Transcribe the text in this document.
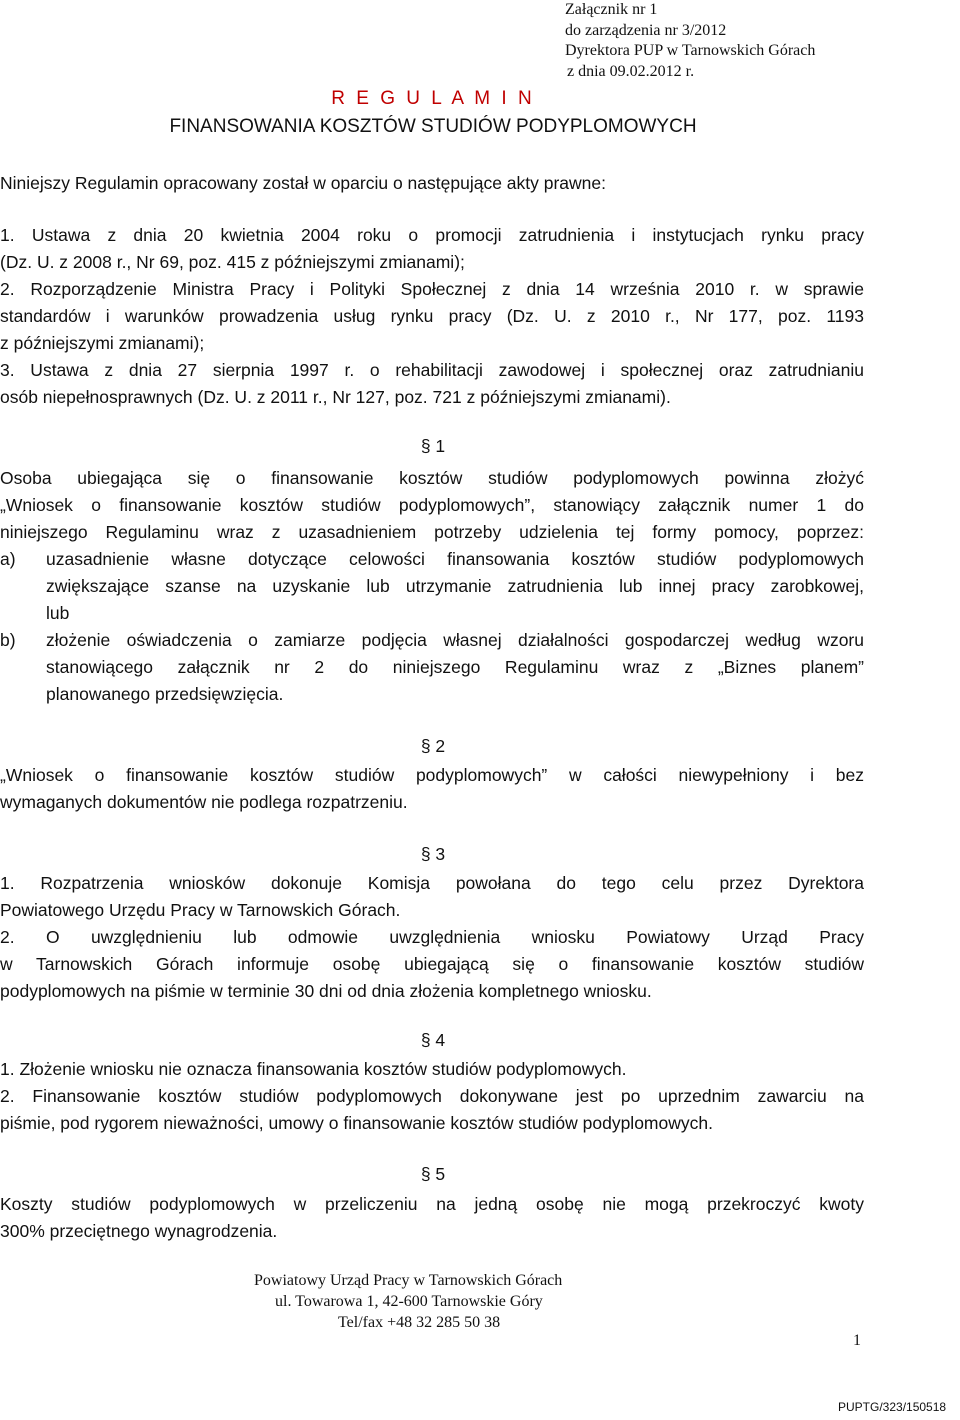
Załącznik nr 1
do zarządzenia nr 3/2012
Dyrektora PUP w Tarnowskich Górach
z dnia 09.02.2012 r.
R E G U L A M I N
FINANSOWANIA KOSZTÓW STUDIÓW PODYPLOMOWYCH
Niniejszy Regulamin opracowany został w oparciu o następujące akty prawne:
1. Ustawa z dnia 20 kwietnia 2004 roku o promocji zatrudnienia i instytucjach rynku pracy
(Dz. U. z 2008 r., Nr 69, poz. 415 z późniejszymi zmianami);
2. Rozporządzenie Ministra Pracy i Polityki Społecznej z dnia 14 września 2010 r. w sprawie
standardów i warunków prowadzenia usług rynku pracy (Dz. U. z 2010 r., Nr 177, poz. 1193
z późniejszymi zmianami);
3. Ustawa z dnia 27 sierpnia 1997 r. o rehabilitacji zawodowej i społecznej oraz zatrudnianiu
osób niepełnosprawnych (Dz. U. z 2011 r., Nr 127, poz. 721 z późniejszymi zmianami).
§ 1
Osoba ubiegająca się o finansowanie kosztów studiów podyplomowych powinna złożyć
„Wniosek o finansowanie kosztów studiów podyplomowych”, stanowiący załącznik numer 1 do
niniejszego Regulaminu wraz z uzasadnieniem potrzeby udzielenia tej formy pomocy, poprzez:
a) uzasadnienie własne dotyczące celowości finansowania kosztów studiów podyplomowych
zwiększające szanse na uzyskanie lub utrzymanie zatrudnienia lub innej pracy zarobkowej,
lub
b) złożenie oświadczenia o zamiarze podjęcia własnej działalności gospodarczej według wzoru
stanowiącego załącznik nr 2 do niniejszego Regulaminu wraz z „Biznes planem”
planowanego przedsięwzięcia.
§ 2
„Wniosek o finansowanie kosztów studiów podyplomowych” w całości niewypełniony i bez
wymaganych dokumentów nie podlega rozpatrzeniu.
§ 3
1. Rozpatrzenia wniosków dokonuje Komisja powołana do tego celu przez Dyrektora
Powiatowego Urzędu Pracy w Tarnowskich Górach.
2. O uwzględnieniu lub odmowie uwzględnienia wniosku Powiatowy Urząd Pracy
w Tarnowskich Górach informuje osobę ubiegającą się o finansowanie kosztów studiów
podyplomowych na piśmie w terminie 30 dni od dnia złożenia kompletnego wniosku.
§ 4
1. Złożenie wniosku nie oznacza finansowania kosztów studiów podyplomowych.
2. Finansowanie kosztów studiów podyplomowych dokonywane jest po uprzednim zawarciu na
piśmie, pod rygorem nieważności, umowy o finansowanie kosztów studiów podyplomowych.
§ 5
Koszty studiów podyplomowych w przeliczeniu na jedną osobę nie mogą przekroczyć kwoty
300% przeciętnego wynagrodzenia.
Powiatowy Urząd Pracy w Tarnowskich Górach
ul. Towarowa 1, 42-600 Tarnowskie Góry
Tel/fax +48 32 285 50 38
1
PUPTG/323/150518
